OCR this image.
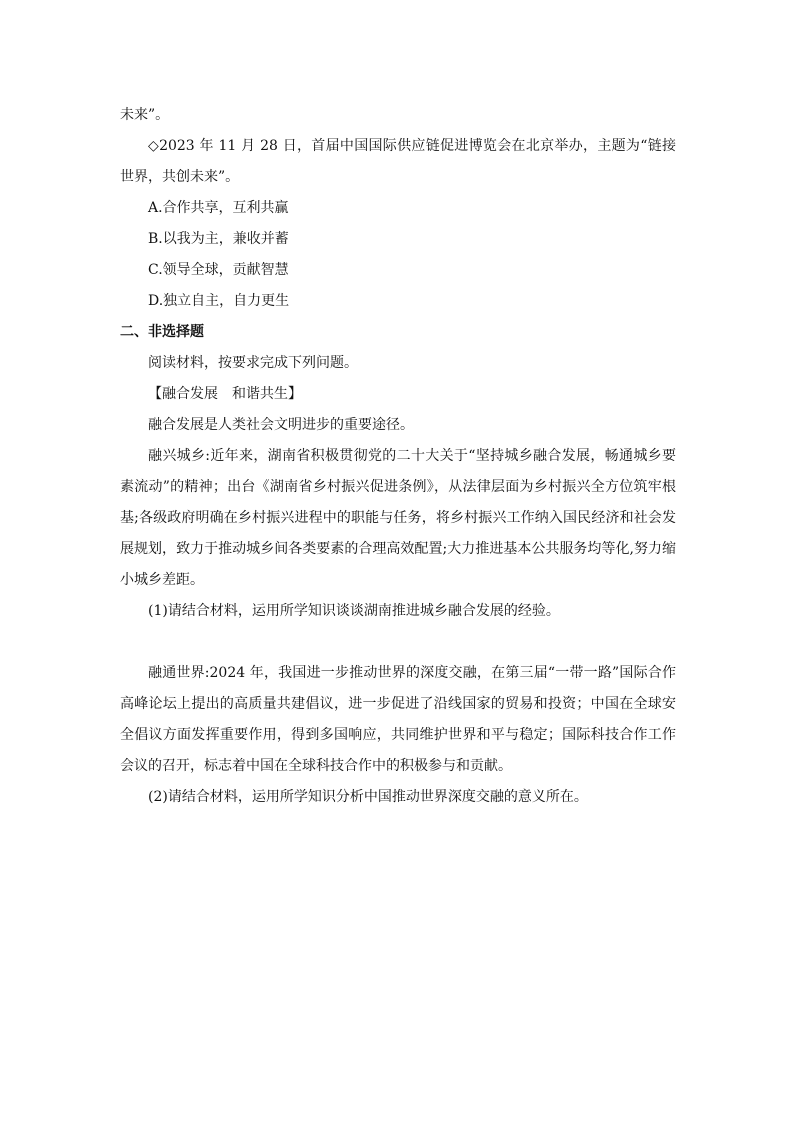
未来”。

◇2023 年 11 月 28 日，首届中国国际供应链促进博览会在北京举办，主题为“链接世界，共创未来”。

A.合作共享，互利共赢

B.以我为主，兼收并蓄

C.领导全球，贡献智慧

D.独立自主，自力更生

二、非选择题

阅读材料，按要求完成下列问题。

【融合发展　和谐共生】

融合发展是人类社会文明进步的重要途径。

融兴城乡:近年来，湖南省积极贯彻党的二十大关于“坚持城乡融合发展，畅通城乡要素流动”的精神；出台《湖南省乡村振兴促进条例》，从法律层面为乡村振兴全方位筑牢根基;各级政府明确在乡村振兴进程中的职能与任务，将乡村振兴工作纳入国民经济和社会发展规划，致力于推动城乡间各类要素的合理高效配置;大力推进基本公共服务均等化,努力缩小城乡差距。

(1)请结合材料，运用所学知识谈谈湖南推进城乡融合发展的经验。

融通世界:2024 年，我国进一步推动世界的深度交融，在第三届“一带一路”国际合作高峰论坛上提出的高质量共建倡议，进一步促进了沿线国家的贸易和投资；中国在全球安全倡议方面发挥重要作用，得到多国响应，共同维护世界和平与稳定；国际科技合作工作会议的召开，标志着中国在全球科技合作中的积极参与和贡献。

(2)请结合材料，运用所学知识分析中国推动世界深度交融的意义所在。
